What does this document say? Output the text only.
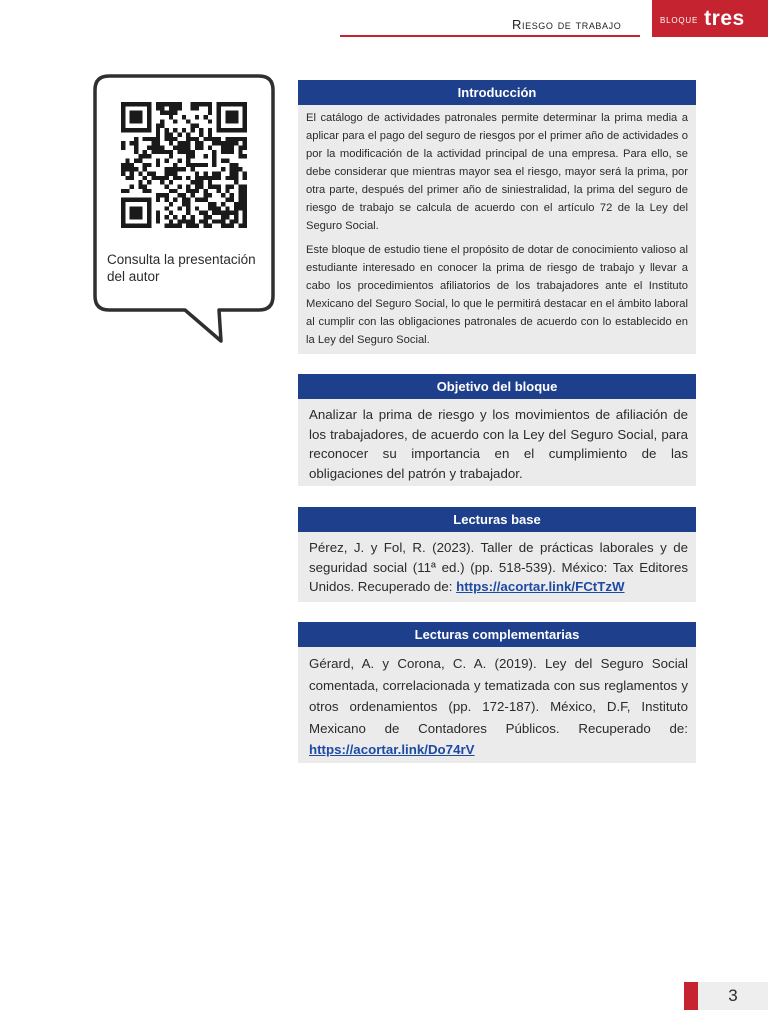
Riesgo de trabajo	bloque tres
Consulta la presentación
del autor
Introducción

El catálogo de actividades patronales permite determinar la prima media a aplicar para el pago del seguro de riesgos por el primer año de actividades o por la modificación de la actividad principal de una empresa. Para ello, se debe considerar que mientras mayor sea el riesgo, mayor será la prima, por otra parte, después del primer año de siniestralidad, la prima del seguro de riesgo de trabajo se calcula de acuerdo con el artículo 72 de la Ley del Seguro Social.

Este bloque de estudio tiene el propósito de dotar de conocimiento valioso al estudiante interesado en conocer la prima de riesgo de trabajo y llevar a cabo los procedimientos afiliatorios de los trabajadores ante el Instituto Mexicano del Seguro Social, lo que le permitirá destacar en el ámbito laboral al cumplir con las obligaciones patronales de acuerdo con lo establecido en la Ley del Seguro Social.

Objetivo del bloque

Analizar la prima de riesgo y los movimientos de afiliación de los trabajadores, de acuerdo con la Ley del Seguro Social, para reconocer su importancia en el cumplimiento de las obligaciones del patrón y trabajador.

Lecturas base

Pérez, J. y Fol, R. (2023). Taller de prácticas laborales y de seguridad social (11ª ed.) (pp. 518-539). México: Tax Editores Unidos. Recuperado de: https://acortar.link/FCtTzW

Lecturas complementarias

Gérard, A. y Corona, C. A. (2019). Ley del Seguro Social comentada, correlacionada y tematizada con sus reglamentos y otros ordenamientos (pp. 172-187). México, D.F, Instituto Mexicano de Contadores Públicos. Recuperado de: https://acortar.link/Do74rV

3
